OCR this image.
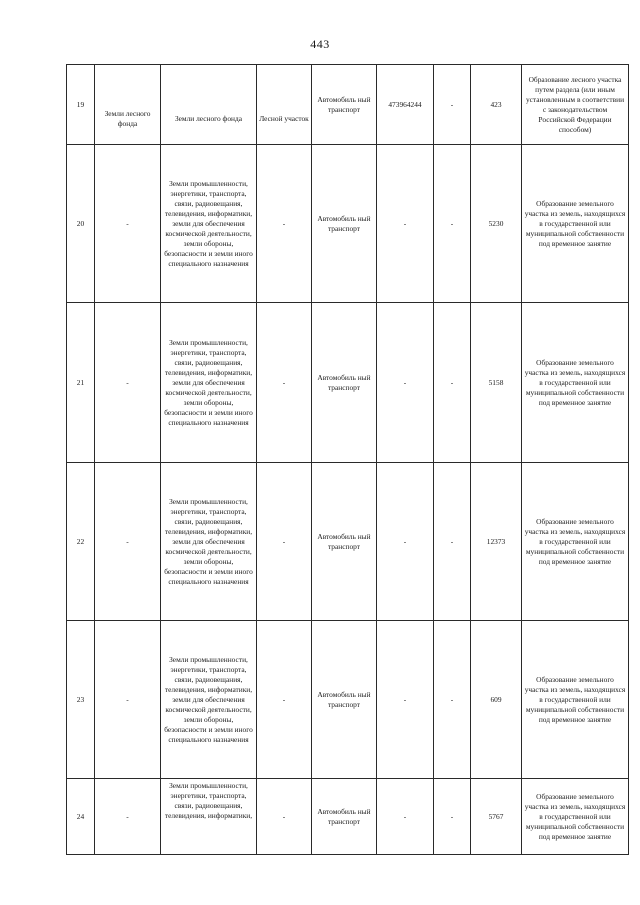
443
19	Земли лесного фонда	Земли лесного фонда	Лесной участок	Автомобиль ный транспорт	473964244	-	423	Образование лесного участка путем раздела (или иным установленным в соответствии с законодательством Российской Федерации способом)
20	-	Земли промышленности, энергетики, транспорта, связи, радиовещания, телевидения, информатики, земли для обеспечения космической деятельности, земли обороны, безопасности и земли иного специального назначения	-	Автомобиль ный транспорт	-	-	5230	Образование земельного участка из земель, находящихся в государственной или муниципальной собственности под временное занятие
21	-	Земли промышленности, энергетики, транспорта, связи, радиовещания, телевидения, информатики, земли для обеспечения космической деятельности, земли обороны, безопасности и земли иного специального назначения	-	Автомобиль ный транспорт	-	-	5158	Образование земельного участка из земель, находящихся в государственной или муниципальной собственности под временное занятие
22	-	Земли промышленности, энергетики, транспорта, связи, радиовещания, телевидения, информатики, земли для обеспечения космической деятельности, земли обороны, безопасности и земли иного специального назначения	-	Автомобиль ный транспорт	-	-	12373	Образование земельного участка из земель, находящихся в государственной или муниципальной собственности под временное занятие
23	-	Земли промышленности, энергетики, транспорта, связи, радиовещания, телевидения, информатики, земли для обеспечения космической деятельности, земли обороны, безопасности и земли иного специального назначения	-	Автомобиль ный транспорт	-	-	609	Образование земельного участка из земель, находящихся в государственной или муниципальной собственности под временное занятие
24	-	Земли промышленности, энергетики, транспорта, связи, радиовещания, телевидения, информатики,	-	Автомобиль ный транспорт	-	-	5767	Образование земельного участка из земель, находящихся в государственной или муниципальной собственности под временное занятие
